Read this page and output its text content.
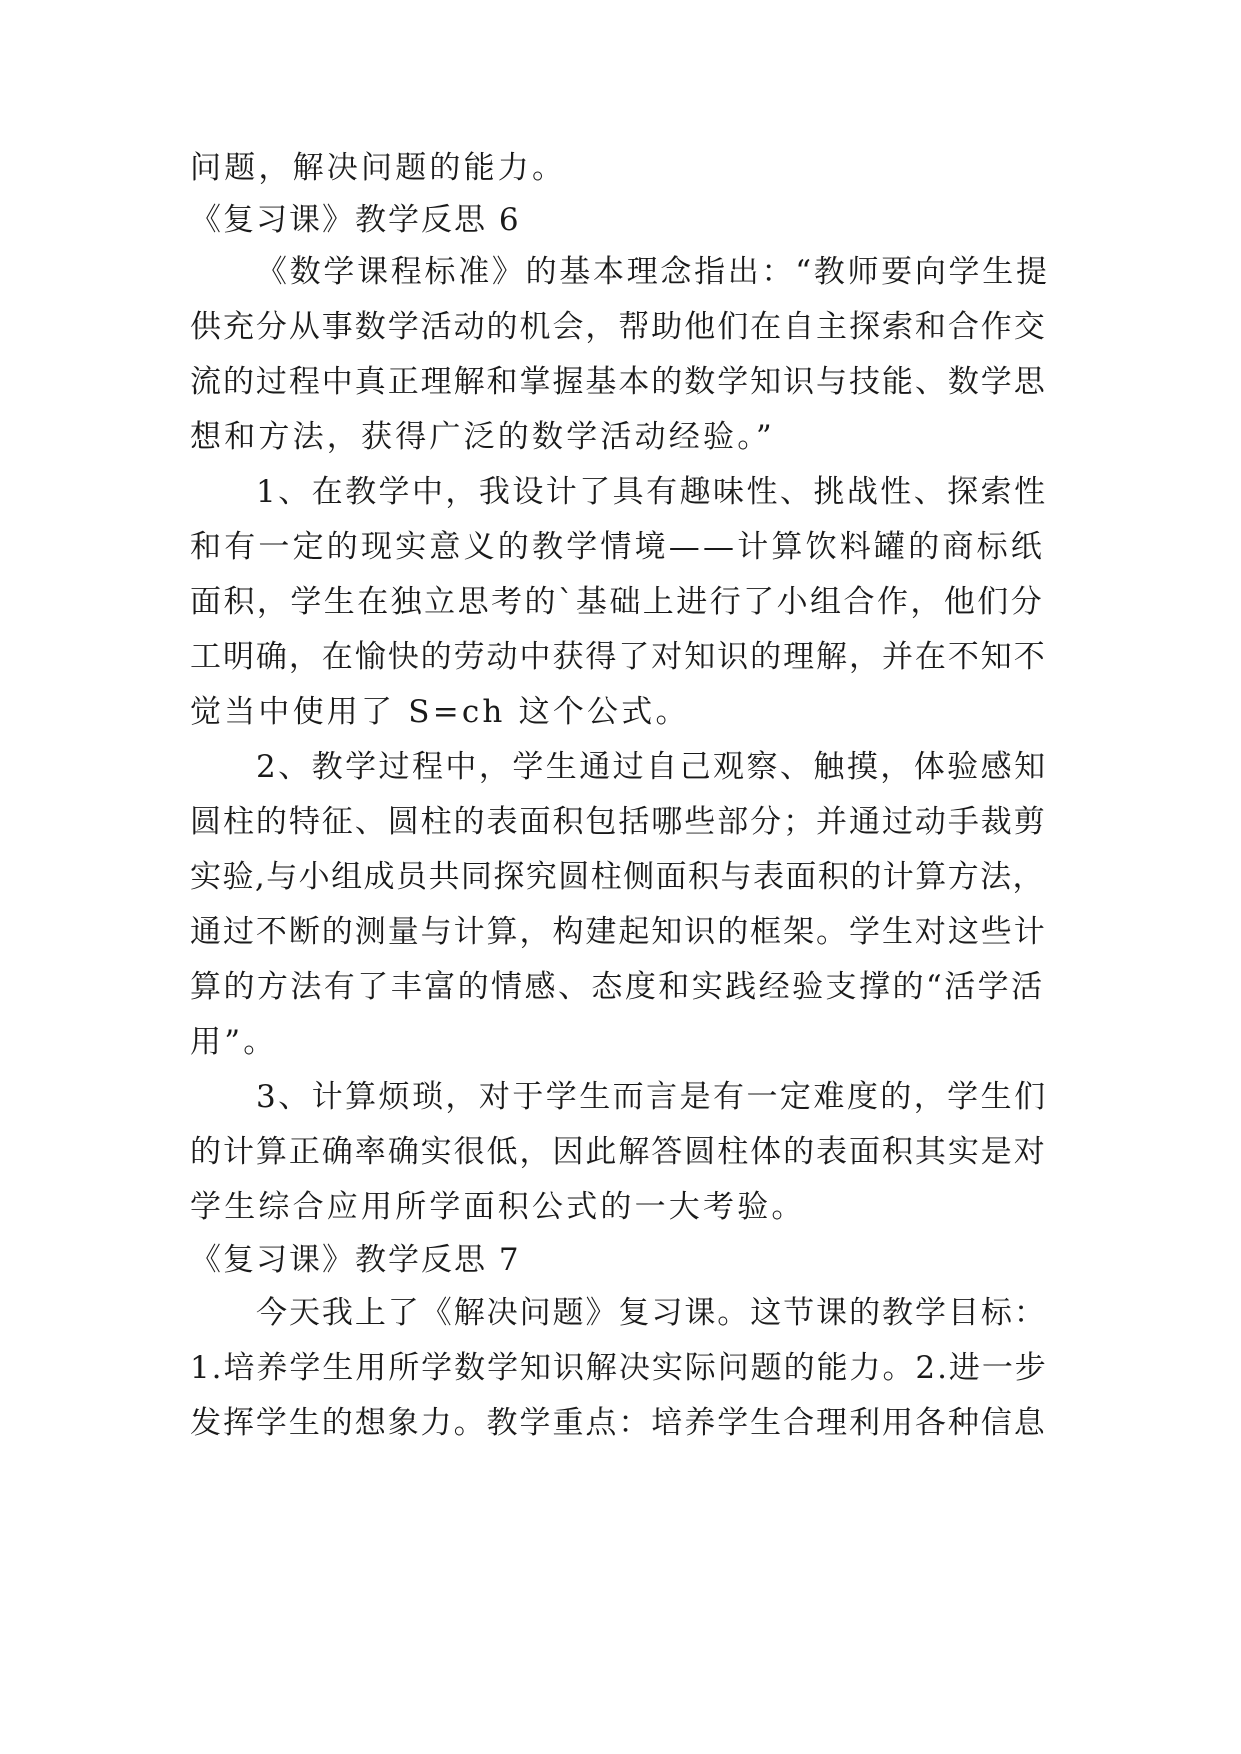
问题，解决问题的能力。
《复习课》教学反思 6
《数学课程标准》的基本理念指出：“教师要向学生提
供充分从事数学活动的机会，帮助他们在自主探索和合作交
流的过程中真正理解和掌握基本的数学知识与技能、数学思
想和方法，获得广泛的数学活动经验。”
1、在教学中，我设计了具有趣味性、挑战性、探索性
和有一定的现实意义的教学情境——计算饮料罐的商标纸
面积，学生在独立思考的`基础上进行了小组合作，他们分
工明确，在愉快的劳动中获得了对知识的理解，并在不知不
觉当中使用了 S=ch 这个公式。
2、教学过程中，学生通过自己观察、触摸，体验感知
圆柱的特征、圆柱的表面积包括哪些部分；并通过动手裁剪
实验,与小组成员共同探究圆柱侧面积与表面积的计算方法，
通过不断的测量与计算，构建起知识的框架。学生对这些计
算的方法有了丰富的情感、态度和实践经验支撑的“活学活
用”。
3、计算烦琐，对于学生而言是有一定难度的，学生们
的计算正确率确实很低，因此解答圆柱体的表面积其实是对
学生综合应用所学面积公式的一大考验。
《复习课》教学反思 7
今天我上了《解决问题》复习课。这节课的教学目标：
1.培养学生用所学数学知识解决实际问题的能力。2.进一步
发挥学生的想象力。教学重点：培养学生合理利用各种信息
